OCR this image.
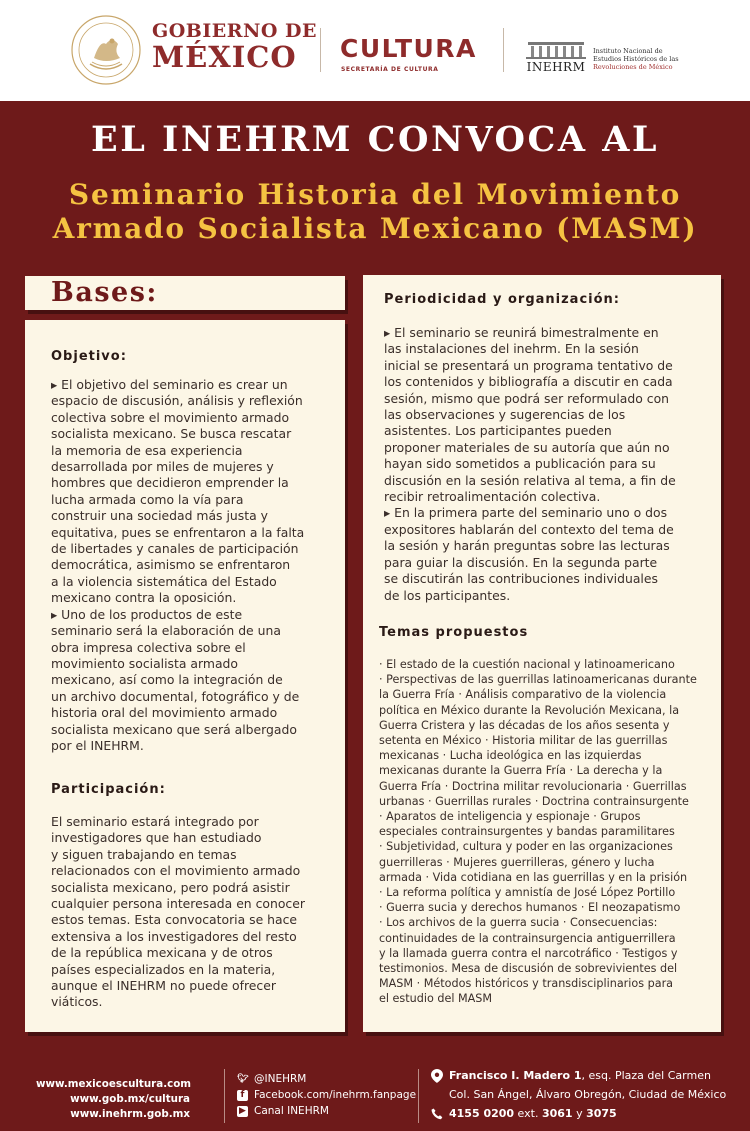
GOBIERNO DE
MÉXICO	CULTURA
SECRETARÍA DE CULTURA	INEHRM
Instituto Nacional de
Estudios Históricos de las
Revoluciones de México
EL INEHRM CONVOCA AL
Seminario Historia del Movimiento
Armado Socialista Mexicano (MASM)
Bases:
Objetivo:
▸ El objetivo del seminario es crear un
espacio de discusión, análisis y reflexión
colectiva sobre el movimiento armado
socialista mexicano. Se busca rescatar
la memoria de esa experiencia
desarrollada por miles de mujeres y
hombres que decidieron emprender la
lucha armada como la vía para
construir una sociedad más justa y
equitativa, pues se enfrentaron a la falta
de libertades y canales de participación
democrática, asimismo se enfrentaron
a la violencia sistemática del Estado
mexicano contra la oposición.
▸ Uno de los productos de este
seminario será la elaboración de una
obra impresa colectiva sobre el
movimiento socialista armado
mexicano, así como la integración de
un archivo documental, fotográfico y de
historia oral del movimiento armado
socialista mexicano que será albergado
por el INEHRM.
Participación:
El seminario estará integrado por
investigadores que han estudiado
y siguen trabajando en temas
relacionados con el movimiento armado
socialista mexicano, pero podrá asistir
cualquier persona interesada en conocer
estos temas. Esta convocatoria se hace
extensiva a los investigadores del resto
de la república mexicana y de otros
países especializados en la materia,
aunque el INEHRM no puede ofrecer
viáticos.
Periodicidad y organización:
▸ El seminario se reunirá bimestralmente en
las instalaciones del inehrm. En la sesión
inicial se presentará un programa tentativo de
los contenidos y bibliografía a discutir en cada
sesión, mismo que podrá ser reformulado con
las observaciones y sugerencias de los
asistentes. Los participantes pueden
proponer materiales de su autoría que aún no
hayan sido sometidos a publicación para su
discusión en la sesión relativa al tema, a fin de
recibir retroalimentación colectiva.
▸ En la primera parte del seminario uno o dos
expositores hablarán del contexto del tema de
la sesión y harán preguntas sobre las lecturas
para guiar la discusión. En la segunda parte
se discutirán las contribuciones individuales
de los participantes.
Temas propuestos
· El estado de la cuestión nacional y latinoamericano
· Perspectivas de las guerrillas latinoamericanas durante
la Guerra Fría · Análisis comparativo de la violencia
política en México durante la Revolución Mexicana, la
Guerra Cristera y las décadas de los años sesenta y
setenta en México · Historia militar de las guerrillas
mexicanas · Lucha ideológica en las izquierdas
mexicanas durante la Guerra Fría · La derecha y la
Guerra Fría · Doctrina militar revolucionaria · Guerrillas
urbanas · Guerrillas rurales · Doctrina contrainsurgente
· Aparatos de inteligencia y espionaje · Grupos
especiales contrainsurgentes y bandas paramilitares
· Subjetividad, cultura y poder en las organizaciones
guerrilleras · Mujeres guerrilleras, género y lucha
armada · Vida cotidiana en las guerrillas y en la prisión
· La reforma política y amnistía de José López Portillo
· Guerra sucia y derechos humanos · El neozapatismo
· Los archivos de la guerra sucia · Consecuencias:
continuidades de la contrainsurgencia antiguerrillera
y la llamada guerra contra el narcotráfico · Testigos y
testimonios. Mesa de discusión de sobrevivientes del
MASM · Métodos históricos y transdisciplinarios para
el estudio del MASM
www.mexicoescultura.com
www.gob.mx/cultura
www.inehrm.gob.mx
🐦︎ @INEHRM
f Facebook.com/inehrm.fanpage
▶ Canal INEHRM
Francisco I. Madero 1, esq. Plaza del Carmen
Col. San Ángel, Álvaro Obregón, Ciudad de México
4155 0200 ext. 3061 y 3075
